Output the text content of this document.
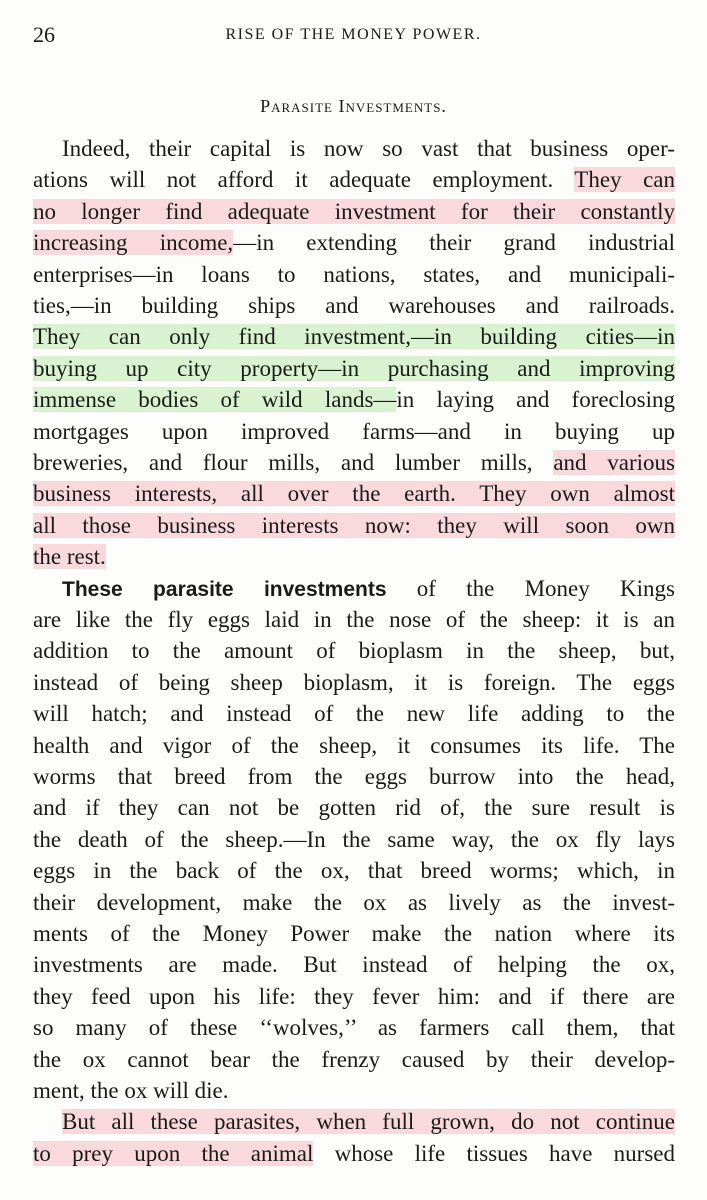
26	RISE OF THE MONEY POWER.
Parasite Investments.
Indeed, their capital is now so vast that business oper-
ations will not afford it adequate employment. They can
no longer find adequate investment for their constantly
increasing income,—in extending their grand industrial
enterprises—in loans to nations, states, and municipali-
ties,—in building ships and warehouses and railroads.
They can only find investment,—in building cities—in
buying up city property—in purchasing and improving
immense bodies of wild lands—in laying and foreclosing
mortgages upon improved farms—and in buying up
breweries, and flour mills, and lumber mills, and various
business interests, all over the earth. They own almost
all those business interests now: they will soon own
the rest.
These parasite investments of the Money Kings
are like the fly eggs laid in the nose of the sheep: it is an
addition to the amount of bioplasm in the sheep, but,
instead of being sheep bioplasm, it is foreign. The eggs
will hatch; and instead of the new life adding to the
health and vigor of the sheep, it consumes its life. The
worms that breed from the eggs burrow into the head,
and if they can not be gotten rid of, the sure result is
the death of the sheep.—In the same way, the ox fly lays
eggs in the back of the ox, that breed worms; which, in
their development, make the ox as lively as the invest-
ments of the Money Power make the nation where its
investments are made. But instead of helping the ox,
they feed upon his life: they fever him: and if there are
so many of these ‘‘wolves,’’ as farmers call them, that
the ox cannot bear the frenzy caused by their develop-
ment, the ox will die.
But all these parasites, when full grown, do not continue
to prey upon the animal whose life tissues have nursed
